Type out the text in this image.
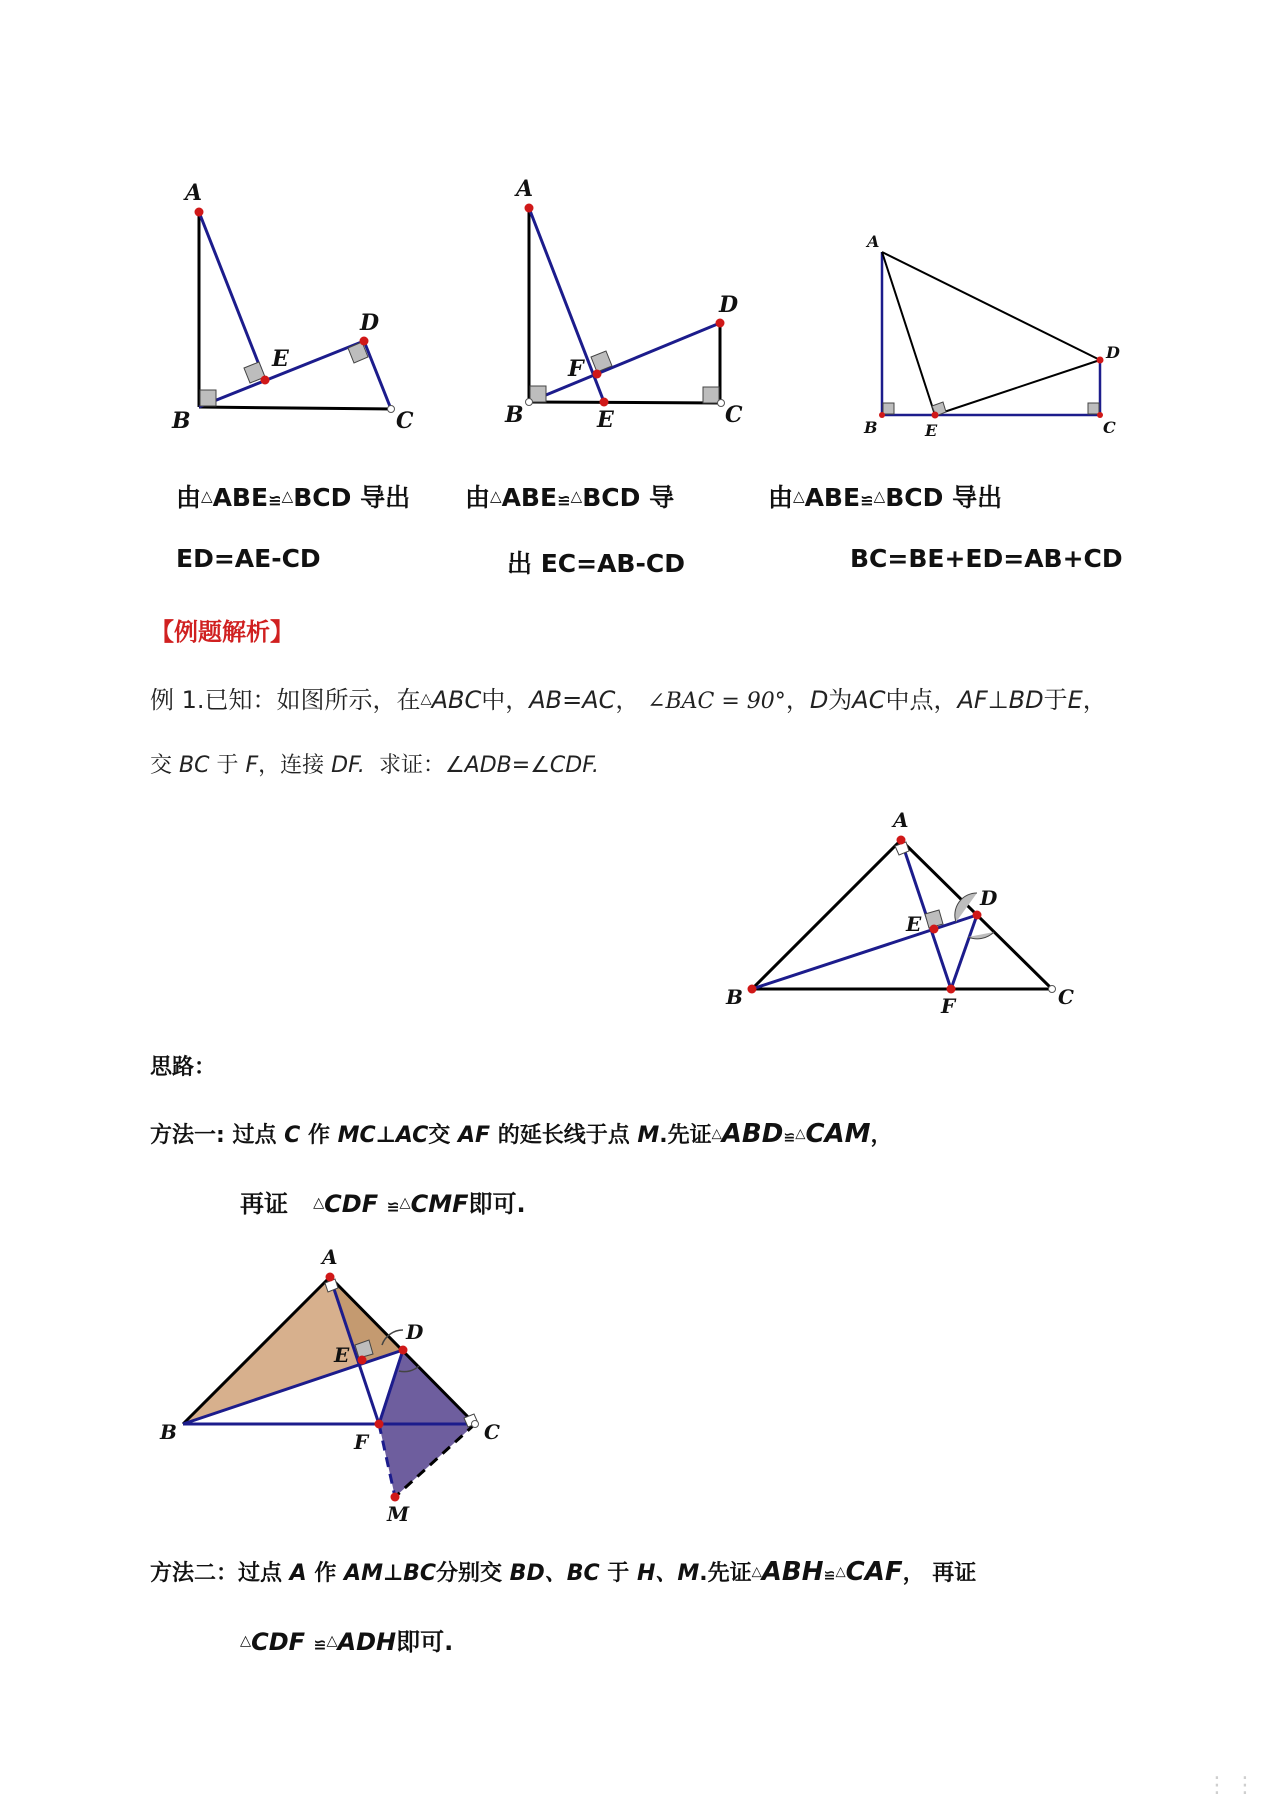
A
B	C
D
E
A
B	C
D
E
F
A
B	C
D
E
由△ABE≌△BCD 导出
ED=AE-CD
由△ABE≌△BCD 导
出 EC=AB-CD
由△ABE≌△BCD 导出
BC=BE+ED=AB+CD
【例题解析】
例 1.已知：如图所示，在△ABC中，AB=AC， ∠BAC = 90°，D为AC中点，AF⊥BD于E，
交 BC 于 F，连接 DF. 求证：∠ADB=∠CDF.
A
B	C
D
E
F
思路：
方法一: 过点 C 作 MC⊥AC交 AF 的延长线于点 M.先证△ABD≌△CAM，
再证   △CDF ≌△CMF即可.
A
B	C
D
E
F
M
方法二：过点 A 作 AM⊥BC分别交 BD、BC 于 H、M.先证△ABH≌△CAF， 再证
△CDF ≌△ADH即可.
⋮⋮
